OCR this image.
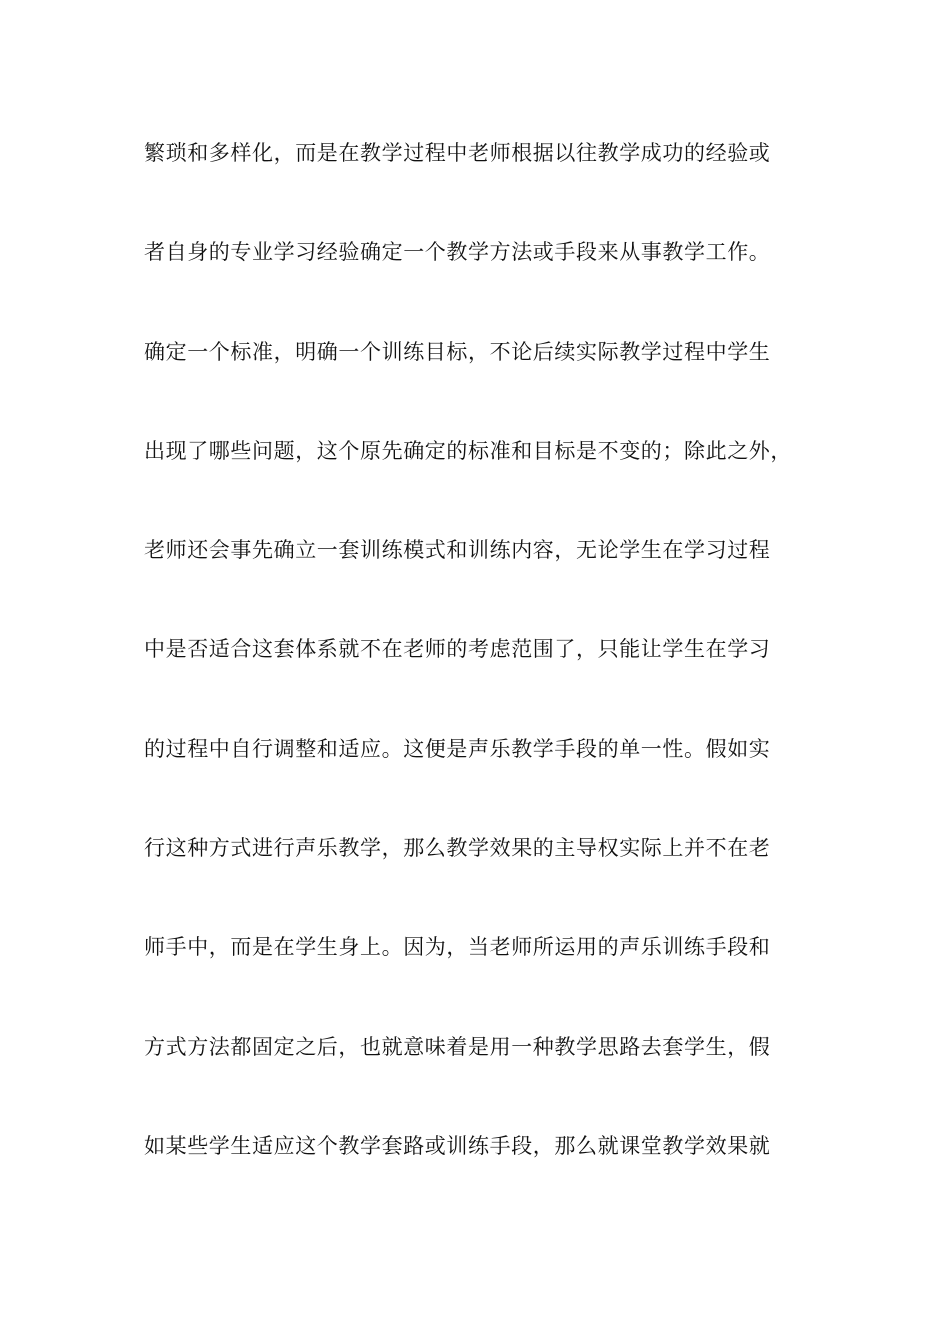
繁琐和多样化，而是在教学过程中老师根据以往教学成功的经验或
者自身的专业学习经验确定一个教学方法或手段来从事教学工作。
确定一个标准，明确一个训练目标，不论后续实际教学过程中学生
出现了哪些问题，这个原先确定的标准和目标是不变的；除此之外，
老师还会事先确立一套训练模式和训练内容，无论学生在学习过程
中是否适合这套体系就不在老师的考虑范围了，只能让学生在学习
的过程中自行调整和适应。这便是声乐教学手段的单一性。假如实
行这种方式进行声乐教学，那么教学效果的主导权实际上并不在老
师手中，而是在学生身上。因为，当老师所运用的声乐训练手段和
方式方法都固定之后，也就意味着是用一种教学思路去套学生，假
如某些学生适应这个教学套路或训练手段，那么就课堂教学效果就
